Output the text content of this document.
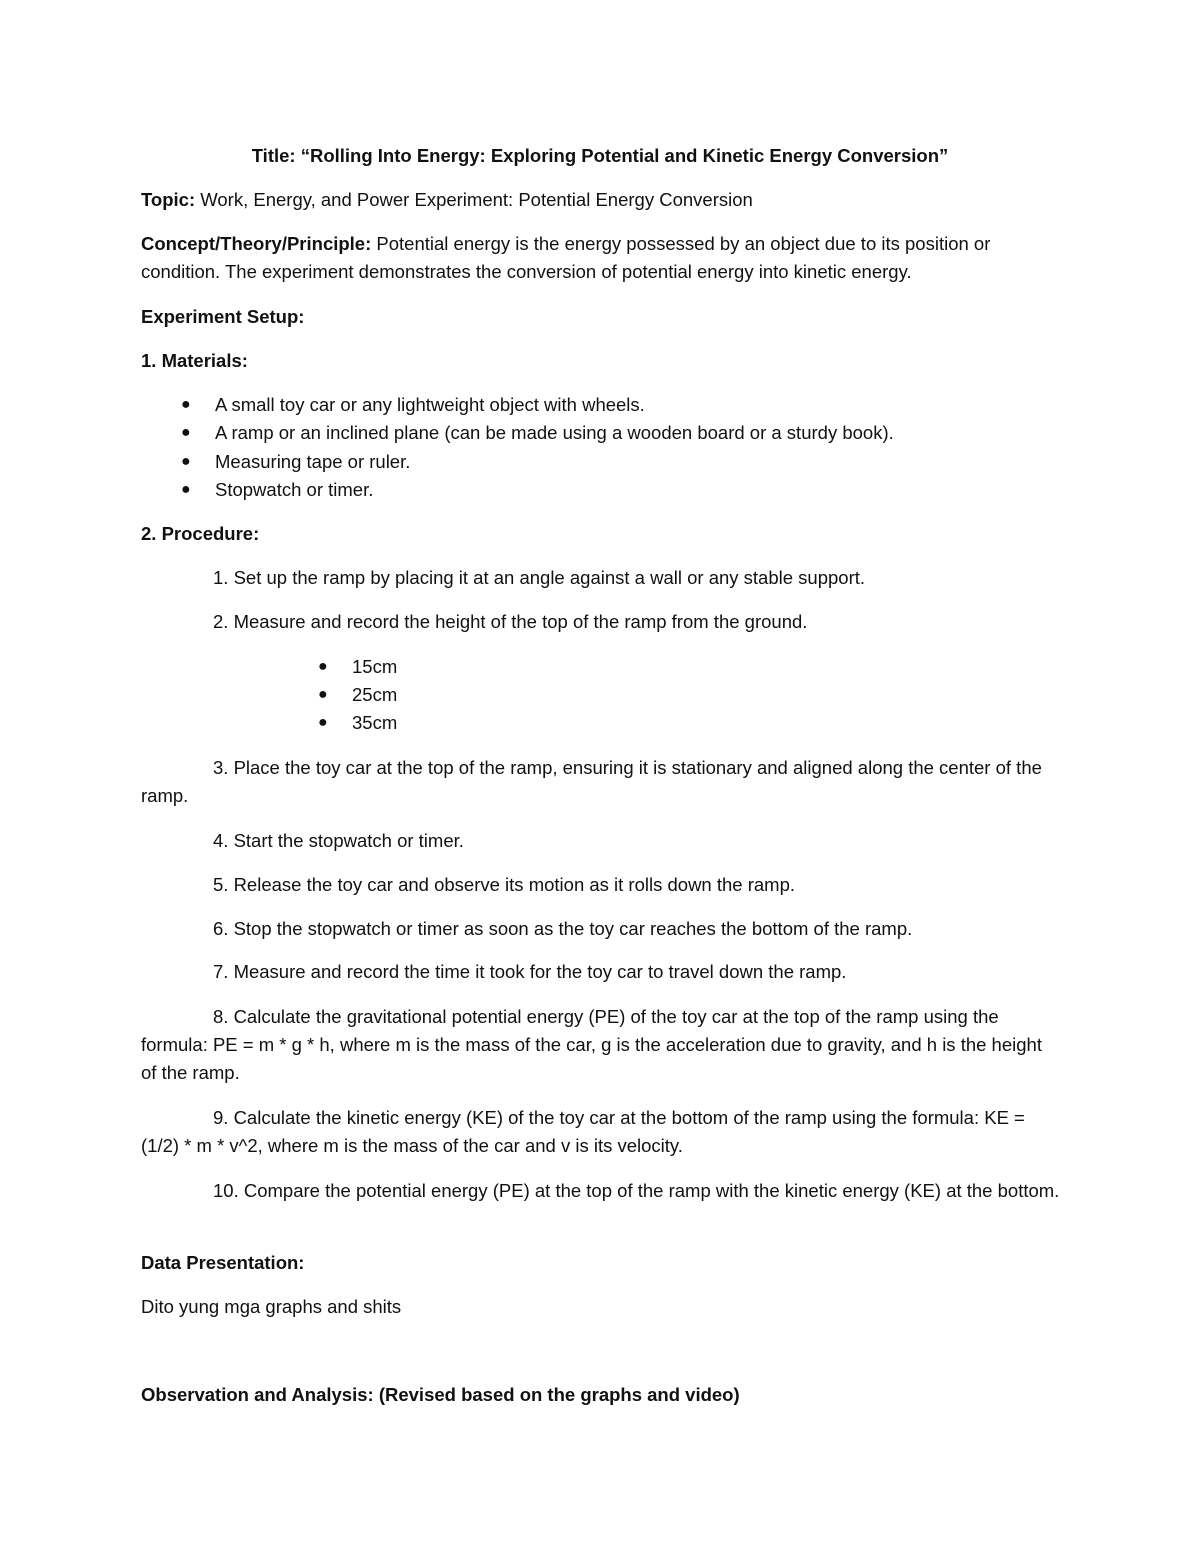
Title: “Rolling Into Energy: Exploring Potential and Kinetic Energy Conversion”
Topic: Work, Energy, and Power Experiment: Potential Energy Conversion
Concept/Theory/Principle: Potential energy is the energy possessed by an object due to its position or condition. The experiment demonstrates the conversion of potential energy into kinetic energy.
Experiment Setup:
1. Materials:
● A small toy car or any lightweight object with wheels.
● A ramp or an inclined plane (can be made using a wooden board or a sturdy book).
● Measuring tape or ruler.
● Stopwatch or timer.
2. Procedure:
1. Set up the ramp by placing it at an angle against a wall or any stable support.
2. Measure and record the height of the top of the ramp from the ground.
● 15cm
● 25cm
● 35cm
3. Place the toy car at the top of the ramp, ensuring it is stationary and aligned along the center of the ramp.
4. Start the stopwatch or timer.
5. Release the toy car and observe its motion as it rolls down the ramp.
6. Stop the stopwatch or timer as soon as the toy car reaches the bottom of the ramp.
7. Measure and record the time it took for the toy car to travel down the ramp.
8. Calculate the gravitational potential energy (PE) of the toy car at the top of the ramp using the formula: PE = m * g * h, where m is the mass of the car, g is the acceleration due to gravity, and h is the height of the ramp.
9. Calculate the kinetic energy (KE) of the toy car at the bottom of the ramp using the formula: KE = (1/2) * m * v^2, where m is the mass of the car and v is its velocity.
10. Compare the potential energy (PE) at the top of the ramp with the kinetic energy (KE) at the bottom.
Data Presentation:
Dito yung mga graphs and shits
Observation and Analysis: (Revised based on the graphs and video)
